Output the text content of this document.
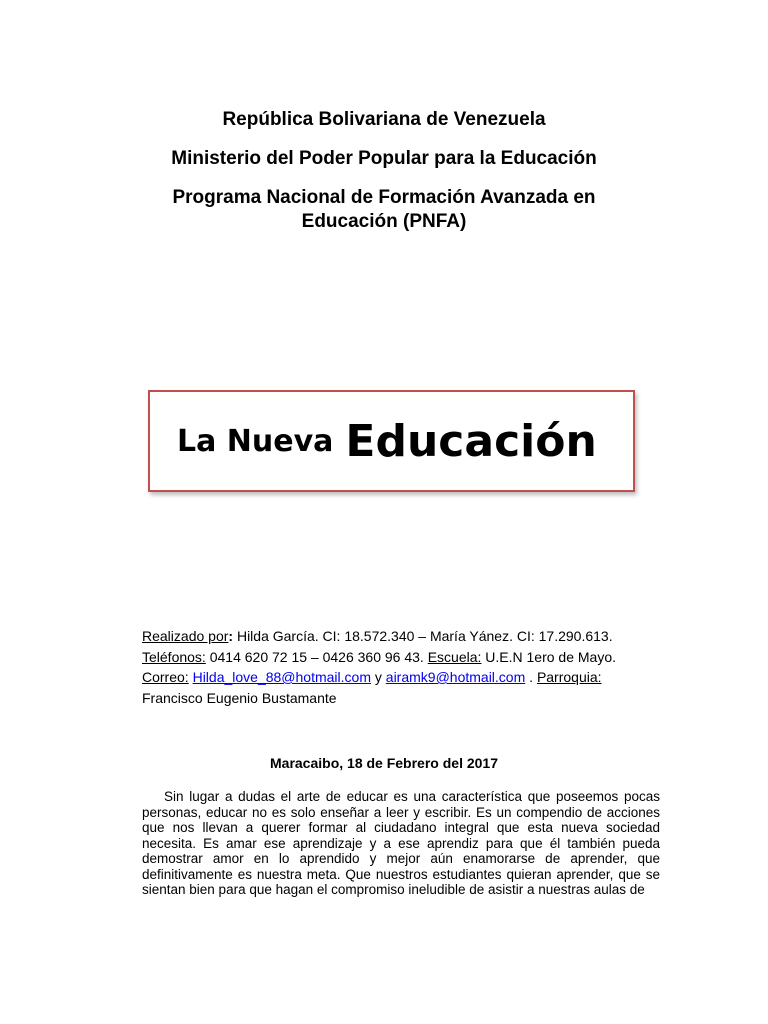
República Bolivariana de Venezuela
Ministerio del Poder Popular para la Educación
Programa Nacional de Formación Avanzada en
Educación (PNFA)
La Nueva Educación
Realizado por: Hilda García. CI: 18.572.340 – María Yánez. CI: 17.290.613.
Teléfonos: 0414 620 72 15 – 0426 360 96 43. Escuela: U.E.N 1ero de Mayo.
Correo: Hilda_love_88@hotmail.com y airamk9@hotmail.com . Parroquia:
Francisco Eugenio Bustamante
Maracaibo, 18 de Febrero del 2017
Sin lugar a dudas el arte de educar es una característica que poseemos pocas personas, educar no es solo enseñar a leer y escribir. Es un compendio de acciones que nos llevan a querer formar al ciudadano integral que esta nueva sociedad necesita. Es amar ese aprendizaje y a ese aprendiz para que él también pueda demostrar amor en lo aprendido y mejor aún enamorarse de aprender, que definitivamente es nuestra meta. Que nuestros estudiantes quieran aprender, que se sientan bien para que hagan el compromiso ineludible de asistir a nuestras aulas de
